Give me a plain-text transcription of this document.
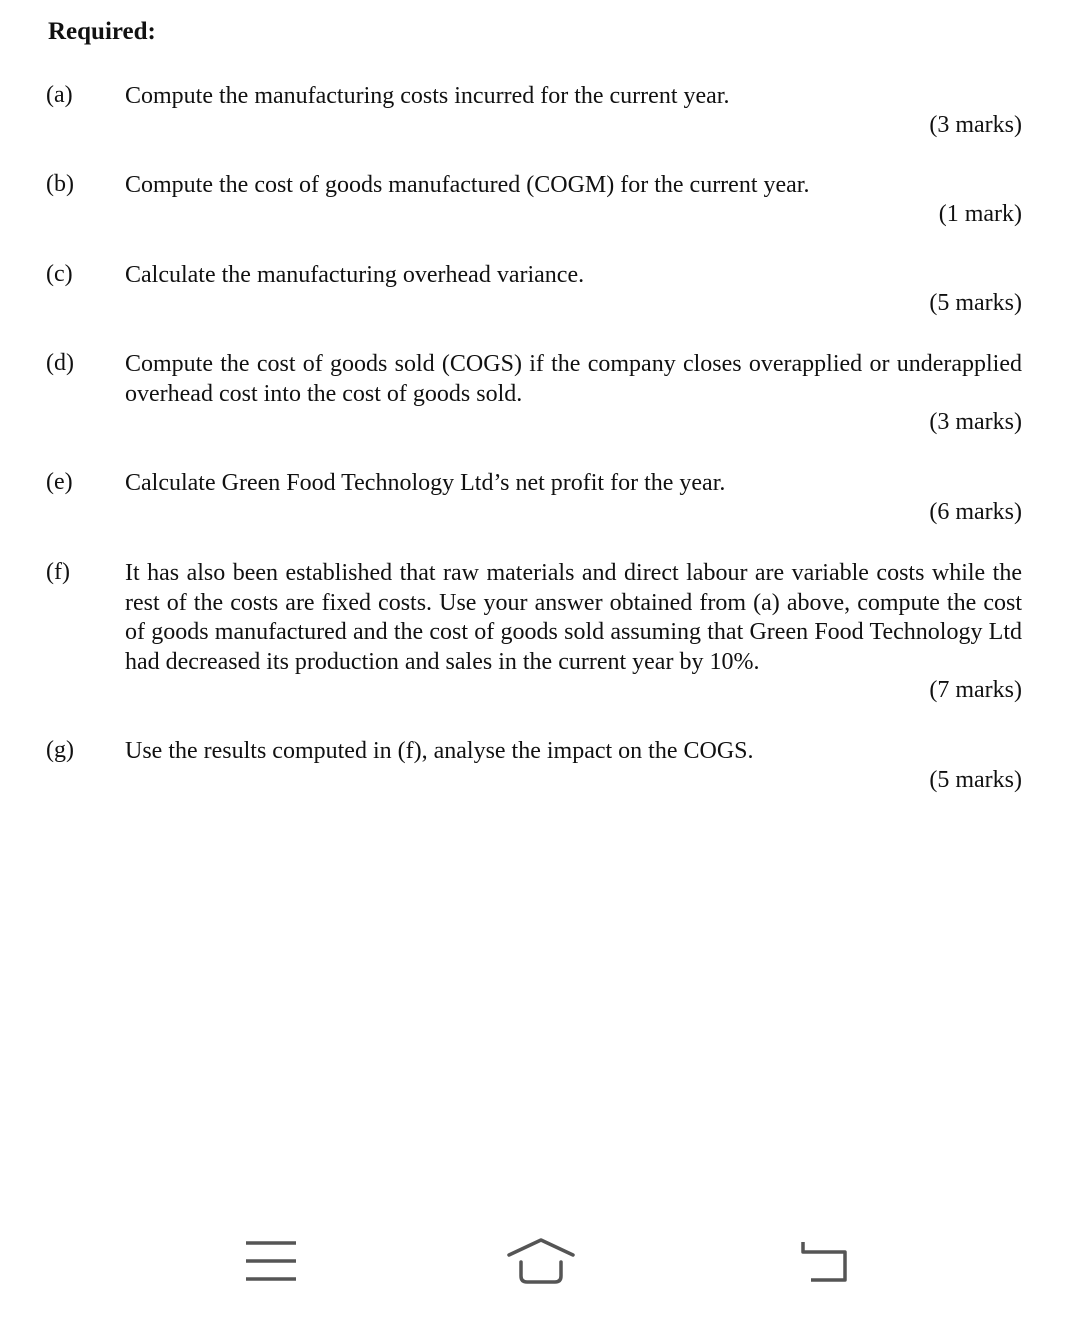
Required:
(a) Compute the manufacturing costs incurred for the current year.
(3 marks)
(b) Compute the cost of goods manufactured (COGM) for the current year.
(1 mark)
(c) Calculate the manufacturing overhead variance.
(5 marks)
(d) Compute the cost of goods sold (COGS) if the company closes overapplied or underapplied overhead cost into the cost of goods sold.
(3 marks)
(e) Calculate Green Food Technology Ltd’s net profit for the year.
(6 marks)
(f) It has also been established that raw materials and direct labour are variable costs while the rest of the costs are fixed costs. Use your answer obtained from (a) above, compute the cost of goods manufactured and the cost of goods sold assuming that Green Food Technology Ltd had decreased its production and sales in the current year by 10%.
(7 marks)
(g) Use the results computed in (f), analyse the impact on the COGS.
(5 marks)
